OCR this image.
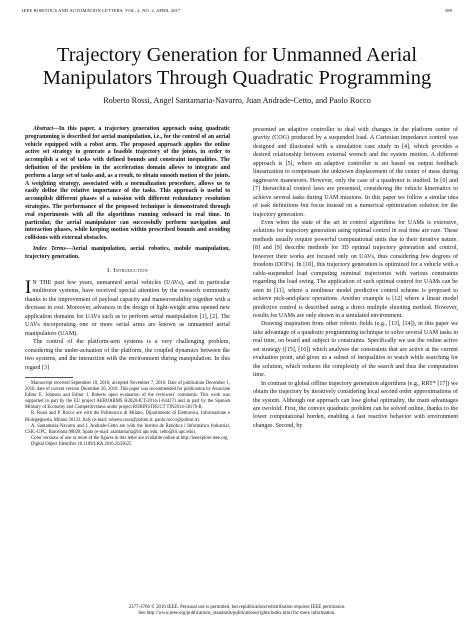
IEEE ROBOTICS AND AUTOMATION LETTERS, VOL. 2, NO. 2, APRIL 2017	389
Trajectory Generation for Unmanned Aerial
Manipulators Through Quadratic Programming
Roberto Rossi, Angel Santamaria-Navarro, Juan Andrade-Cetto, and Paolo Rocco

Abstract—In this paper, a trajectory generation approach using quadratic programming is described for aerial manipulation, i.e., for the control of an aerial vehicle equipped with a robot arm. The proposed approach applies the online active set strategy to generate a feasible trajectory of the joints, in order to accomplish a set of tasks with defined bounds and constraint inequalities. The definition of the problem in the acceleration domain allows to integrate and perform a large set of tasks and, as a result, to obtain smooth motion of the joints. A weighting strategy, associated with a normalization procedure, allows us to easily define the relative importance of the tasks. This approach is useful to accomplish different phases of a mission with different redundancy resolution strategies. The performance of the proposed technique is demonstrated through real experiments with all the algorithms running onboard in real time. In particular, the aerial manipulator can successfully perform navigation and interaction phases, while keeping motion within prescribed bounds and avoiding collisions with external obstacles.

Index Terms—Aerial manipulation, aerial robotics, mobile manipulation, trajectory generation.

I. Introduction

I N THE past few years, unmanned aerial vehicles (UAVs), and in particular multirotor systems, have received special attention by the research community thanks to the improvement of payload capacity and maneuverability together with a decrease in cost. Moreover, advances in the design of light-weight arms opened new application domains for UAVs such as to perform aerial manipulation [1], [2]. The UAVs incorporating one or more serial arms are known as unmanned aerial manipulators (UAM).

The control of the platform-arm systems is a very challenging problem, considering the under-actuation of the platform, the coupled dynamics between the two systems, and the interaction with the environment during manipulation. In this regard [3]

Manuscript received September 10, 2016; accepted November 7, 2016. Date of publication December 1, 2016; date of current version December 26, 2016. This paper was recommended for publication by Associate Editor E. Johnson and Editor J. Roberts upon evaluation of the reviewers' comments. This work was supported in part by the EU project AEROARMS H2020-ICT-2014-1-644271 and in part by the Spanish Ministry of Economy and Competitiveness under project ROBINSTRUCT TIN2014-58178-R.

R. Rossi and P. Rocco are with the Politecnico di Milano, Dipartimento di Elettronica, Informazione e Bioingegneria, Milano 20133, Italy (e-mail: roberto.rossi@polimi.it; paolo.rocco@polimi.it).

A. Santamaria-Navarro and J. Andrade-Cetto are with the Institut de Robòtica i Informàtica Industrial, CSIC-UPC, Barcelona 08028, Spain (e-mail: asantamaria@iri.upc.edu; cetto@iri.upc.edu).

Color versions of one or more of the figures in this letter are available online at http://ieeexplore.ieee.org.

Digital Object Identifier 10.1109/LRA.2016.2633625

presented an adaptive controller to deal with changes in the platform center of gravity (COG) produced by a suspended load. A Cartesian impedance control was designed and illustrated with a simulation case study in [4], which provides a desired relationship between external wrench and the system motion. A different approach is [5], where an adaptive controller is set based on output feedback linearization to compensate the unknown displacement of the center of mass during aggressive maneuvers. However, only the case of a quadrotor is studied. In [6] and [7] hierarchical control laws are presented, considering the vehicle kinematics to achieve several tasks during UAM missions. In this paper we follow a similar idea of task definitions but focus instead on a numerical optimization solution for the trajectory generation.

Even when the state of the art in control algorithms for UAMs is extensive, solutions for trajectory generation using optimal control in real time are rare. These methods usually require powerful computational units due to their iterative nature. [8] and [9] describe methods for 3D optimal trajectory generation and control, however their works are focused only on UAVs, thus considering few degrees of freedom (DOFs). In [10], this trajectory generation is optimized for a vehicle with a cable-suspended load computing nominal trajectories with various constraints regarding the load swing. The application of such optimal control for UAMs can be seen in [11], where a nonlinear model predictive control scheme is proposed to achieve pick-and-place operations. Another example is [12] where a linear model predictive control is described using a direct multiple shooting method. However, results for UAMs are only shown in a simulated environment.

Drawing inspiration from other robotic fields (e.g., [13], [14]), in this paper we take advantage of a quadratic programming technique to solve several UAM tasks in real time, on board and subject to constraints. Specifically we use the online active set strategy ([15], [16]) which analyses the constraints that are active at the current evaluation point, and gives us a subset of inequalities to watch while searching for the solution, which reduces the complexity of the search and thus the computation time.

In contrast to global offline trajectory generation algorithms (e.g., RRT* [17]) we obtain the trajectory by iteratively considering local second order approximations of the system. Although our approach can lose global optimality, the main advantages are twofold: First, the convex quadratic problem can be solved online, thanks to the lower computational burden, enabling a fast reactive behavior with environment changes. Second, by

2377-3766 © 2016 IEEE. Personal use is permitted, but republication/redistribution requires IEEE permission.
See http://www.ieee.org/publications_standards/publications/rights/index.html for more information.
